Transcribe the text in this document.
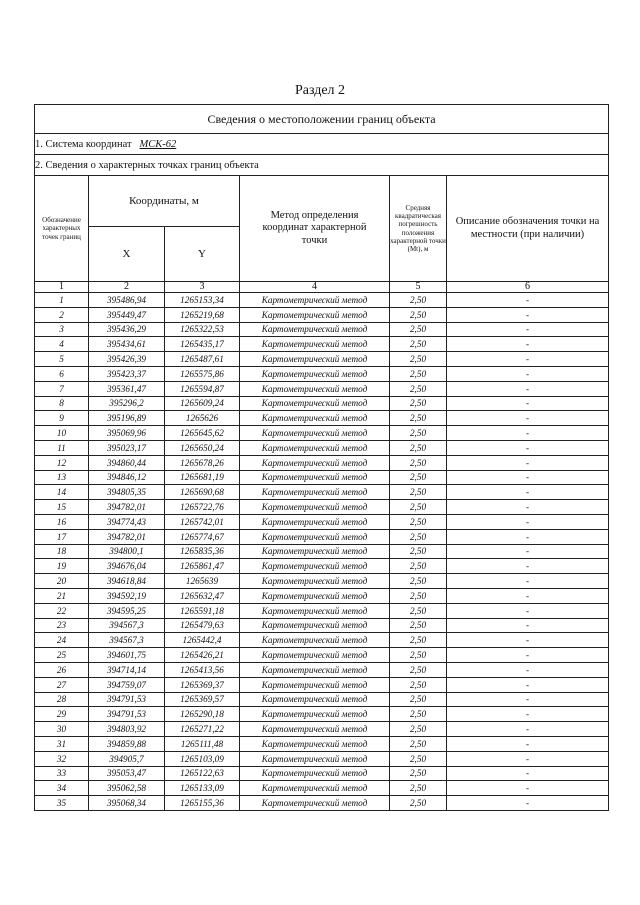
Раздел 2
Сведения о местоположении границ объекта					
1. Система координат МСК-62					
2. Сведения о характерных точках границ объекта					
Обозначение характерных точек границ	Координаты, м		Метод определения координат характерной точки	Средняя квадратическая погрешность положения характерной точки (Mt), м	Описание обозначения точки на местности (при наличии)
	X	Y			
1	2	3	4	5	6
1	395486,94	1265153,34	Картометрический метод	2,50	-
2	395449,47	1265219,68	Картометрический метод	2,50	-
3	395436,29	1265322,53	Картометрический метод	2,50	-
4	395434,61	1265435,17	Картометрический метод	2,50	-
5	395426,39	1265487,61	Картометрический метод	2,50	-
6	395423,37	1265575,86	Картометрический метод	2,50	-
7	395361,47	1265594,87	Картометрический метод	2,50	-
8	395296,2	1265609,24	Картометрический метод	2,50	-
9	395196,89	1265626	Картометрический метод	2,50	-
10	395069,96	1265645,62	Картометрический метод	2,50	-
11	395023,17	1265650,24	Картометрический метод	2,50	-
12	394860,44	1265678,26	Картометрический метод	2,50	-
13	394846,12	1265681,19	Картометрический метод	2,50	-
14	394805,35	1265690,68	Картометрический метод	2,50	-
15	394782,01	1265722,76	Картометрический метод	2,50	-
16	394774,43	1265742,01	Картометрический метод	2,50	-
17	394782,01	1265774,67	Картометрический метод	2,50	-
18	394800,1	1265835,36	Картометрический метод	2,50	-
19	394676,04	1265861,47	Картометрический метод	2,50	-
20	394618,84	1265639	Картометрический метод	2,50	-
21	394592,19	1265632,47	Картометрический метод	2,50	-
22	394595,25	1265591,18	Картометрический метод	2,50	-
23	394567,3	1265479,63	Картометрический метод	2,50	-
24	394567,3	1265442,4	Картометрический метод	2,50	-
25	394601,75	1265426,21	Картометрический метод	2,50	-
26	394714,14	1265413,56	Картометрический метод	2,50	-
27	394759,07	1265369,37	Картометрический метод	2,50	-
28	394791,53	1265369,57	Картометрический метод	2,50	-
29	394791,53	1265290,18	Картометрический метод	2,50	-
30	394803,92	1265271,22	Картометрический метод	2,50	-
31	394859,88	1265111,48	Картометрический метод	2,50	-
32	394905,7	1265103,09	Картометрический метод	2,50	-
33	395053,47	1265122,63	Картометрический метод	2,50	-
34	395062,58	1265133,09	Картометрический метод	2,50	-
35	395068,34	1265155,36	Картометрический метод	2,50	-
